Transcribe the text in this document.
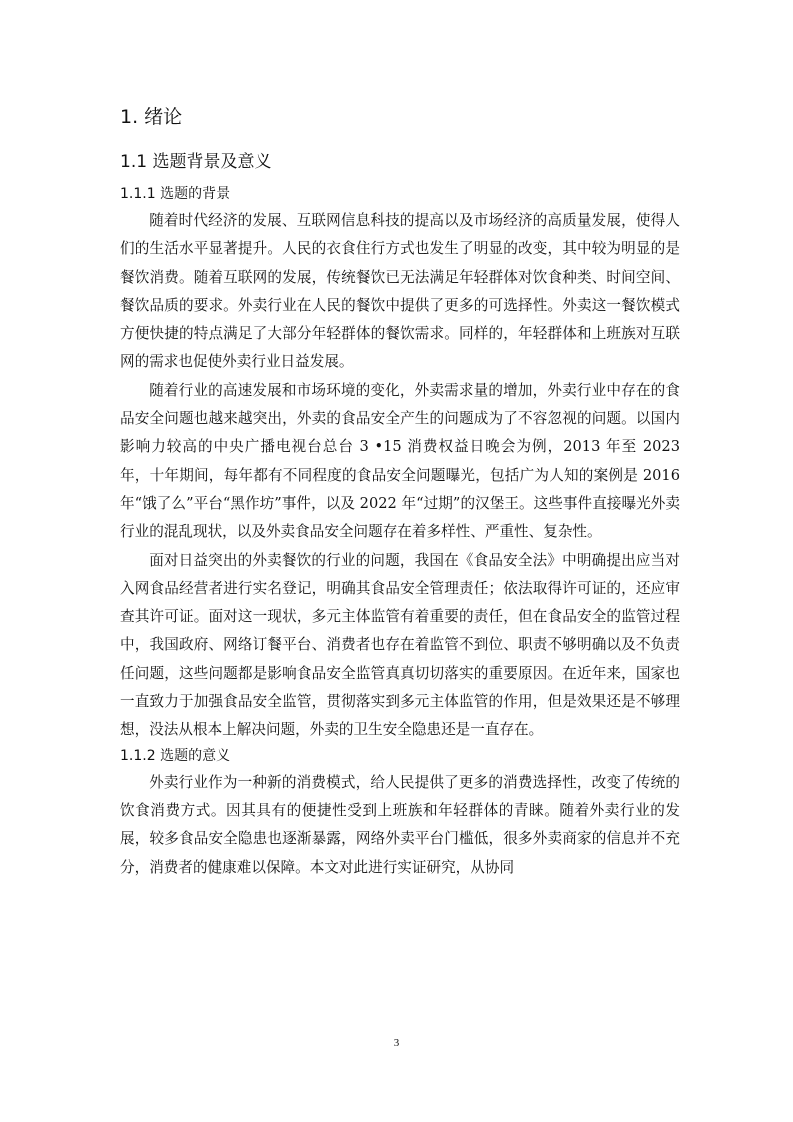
1. 绪论
1.1 选题背景及意义
1.1.1 选题的背景

随着时代经济的发展、互联网信息科技的提高以及市场经济的高质量发展，使得人们的生活水平显著提升。人民的衣食住行方式也发生了明显的改变，其中较为明显的是餐饮消费。随着互联网的发展，传统餐饮已无法满足年轻群体对饮食种类、时间空间、餐饮品质的要求。外卖行业在人民的餐饮中提供了更多的可选择性。外卖这一餐饮模式方便快捷的特点满足了大部分年轻群体的餐饮需求。同样的，年轻群体和上班族对互联网的需求也促使外卖行业日益发展。

随着行业的高速发展和市场环境的变化，外卖需求量的增加，外卖行业中存在的食品安全问题也越来越突出，外卖的食品安全产生的问题成为了不容忽视的问题。以国内影响力较高的中央广播电视台总台 3 •15 消费权益日晚会为例，2013 年至 2023 年，十年期间，每年都有不同程度的食品安全问题曝光，包括广为人知的案例是 2016 年“饿了么”平台“黑作坊”事件，以及 2022 年“过期”的汉堡王。这些事件直接曝光外卖行业的混乱现状，以及外卖食品安全问题存在着多样性、严重性、复杂性。

面对日益突出的外卖餐饮的行业的问题，我国在《食品安全法》中明确提出应当对入网食品经营者进行实名登记，明确其食品安全管理责任；依法取得许可证的，还应审查其许可证。面对这一现状，多元主体监管有着重要的责任，但在食品安全的监管过程中，我国政府、网络订餐平台、消费者也存在着监管不到位、职责不够明确以及不负责任问题，这些问题都是影响食品安全监管真真切切落实的重要原因。在近年来，国家也一直致力于加强食品安全监管，贯彻落实到多元主体监管的作用，但是效果还是不够理想，没法从根本上解决问题，外卖的卫生安全隐患还是一直存在。

1.1.2 选题的意义

外卖行业作为一种新的消费模式，给人民提供了更多的消费选择性，改变了传统的饮食消费方式。因其具有的便捷性受到上班族和年轻群体的青睐。随着外卖行业的发展，较多食品安全隐患也逐渐暴露，网络外卖平台门槛低，很多外卖商家的信息并不充分，消费者的健康难以保障。本文对此进行实证研究，从协同

3
